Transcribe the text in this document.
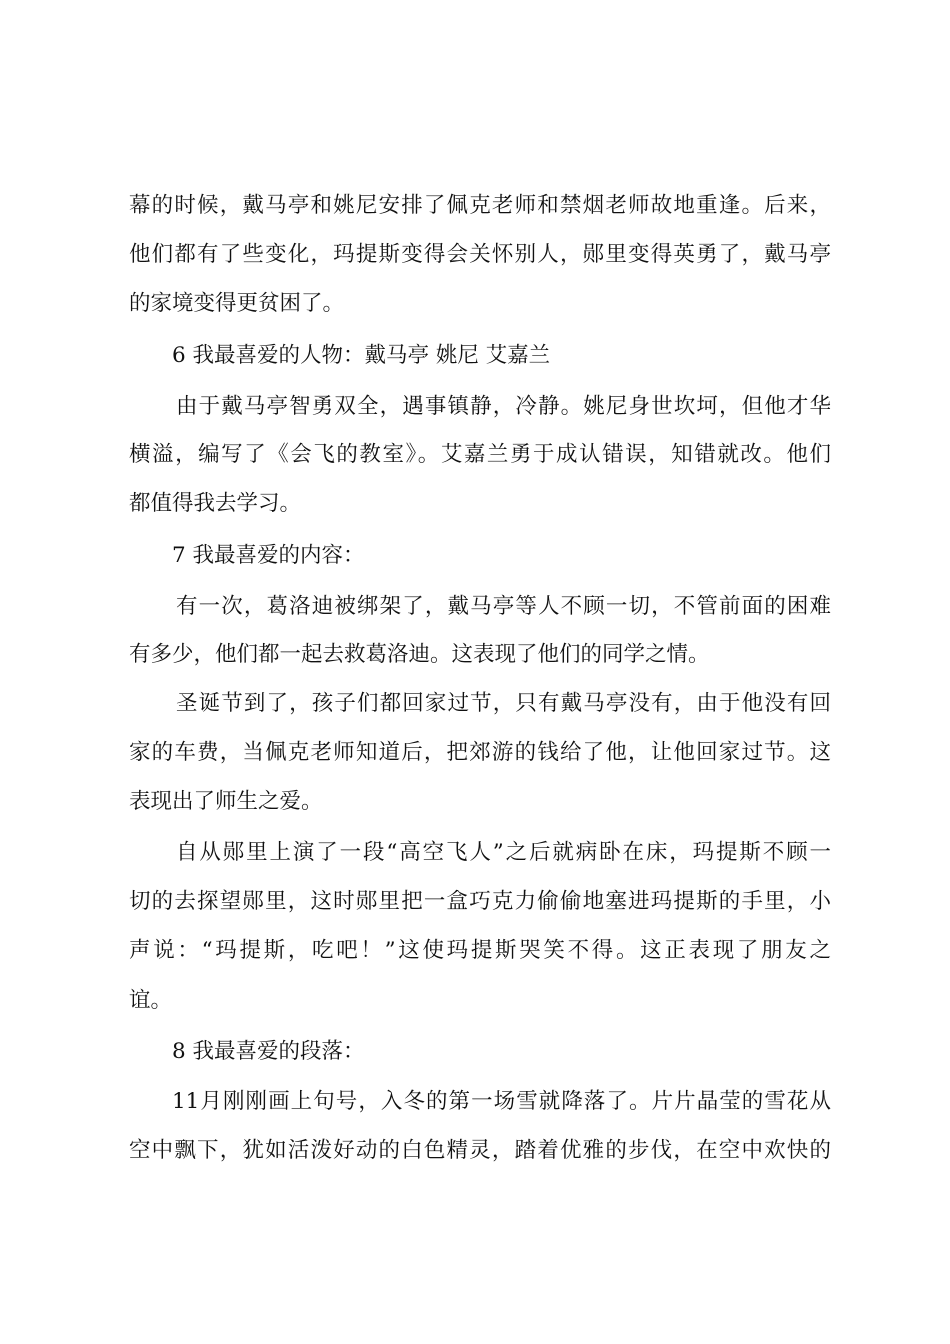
幕的时候，戴马亭和姚尼安排了佩克老师和禁烟老师故地重逢。后来，
他们都有了些变化，玛提斯变得会关怀别人，郧里变得英勇了，戴马亭
的家境变得更贫困了。
6 我最喜爱的人物：戴马亭 姚尼 艾嘉兰
由于戴马亭智勇双全，遇事镇静，冷静。姚尼身世坎坷，但他才华
横溢，编写了《会飞的教室》。艾嘉兰勇于成认错误，知错就改。他们
都值得我去学习。
7 我最喜爱的内容：
有一次，葛洛迪被绑架了，戴马亭等人不顾一切，不管前面的困难
有多少，他们都一起去救葛洛迪。这表现了他们的同学之情。
圣诞节到了，孩子们都回家过节，只有戴马亭没有，由于他没有回
家的车费，当佩克老师知道后，把郊游的钱给了他，让他回家过节。这
表现出了师生之爱。
自从郧里上演了一段“高空飞人”之后就病卧在床，玛提斯不顾一
切的去探望郧里，这时郧里把一盒巧克力偷偷地塞进玛提斯的手里，小
声说：“玛提斯，吃吧！”这使玛提斯哭笑不得。这正表现了朋友之
谊。
8 我最喜爱的段落：
11月刚刚画上句号，入冬的第一场雪就降落了。片片晶莹的雪花从
空中飘下，犹如活泼好动的白色精灵，踏着优雅的步伐，在空中欢快的
